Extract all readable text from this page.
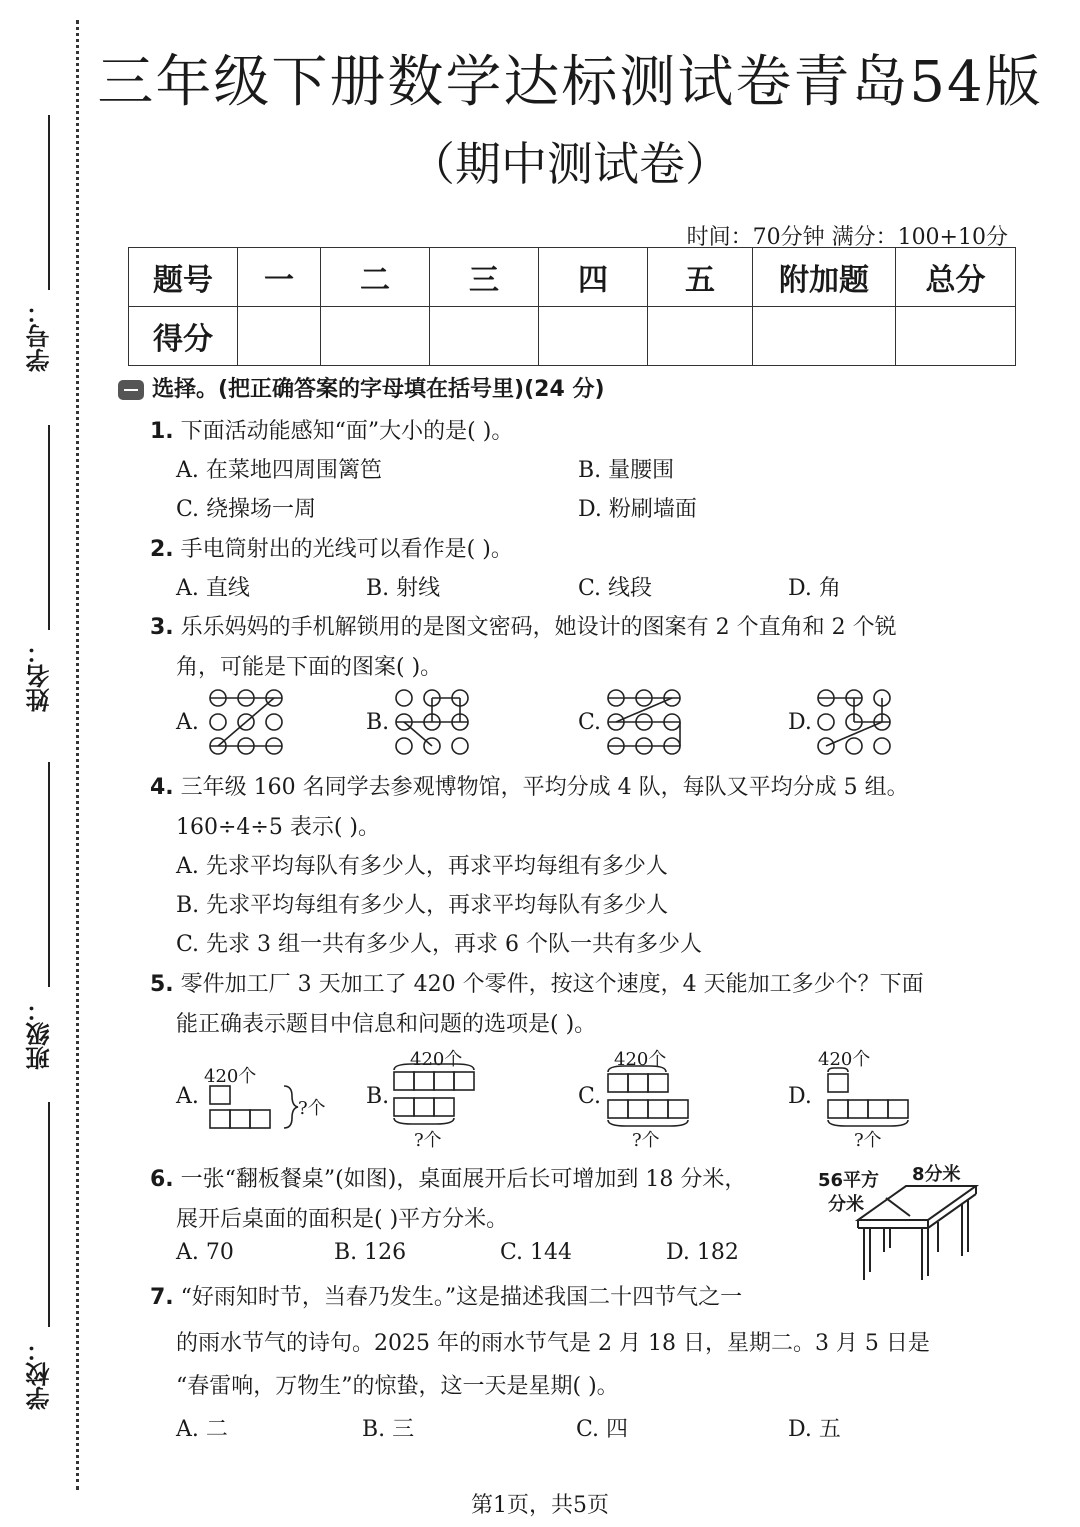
学号：
姓名：
班级：
学校：
三年级下册数学达标测试卷青岛54版
（期中测试卷）
时间：70分钟 满分：100+10分
题号	一	二	三	四	五	附加题	总分
得分							
选择。(把正确答案的字母填在括号里)(24 分)
1. 下面活动能感知“面”大小的是( )。
A. 在菜地四周围篱笆	B. 量腰围
C. 绕操场一周	D. 粉刷墙面
2. 手电筒射出的光线可以看作是( )。
A. 直线	B. 射线	C. 线段	D. 角
3. 乐乐妈妈的手机解锁用的是图文密码，她设计的图案有 2 个直角和 2 个锐
角，可能是下面的图案( )。
A.	B.	C.	D.
4. 三年级 160 名同学去参观博物馆，平均分成 4 队，每队又平均分成 5 组。
160÷4÷5 表示( )。
A. 先求平均每队有多少人，再求平均每组有多少人
B. 先求平均每组有多少人，再求平均每队有多少人
C. 先求 3 组一共有多少人，再求 6 个队一共有多少人
5. 零件加工厂 3 天加工了 420 个零件，按这个速度，4 天能加工多少个？下面
能正确表示题目中信息和问题的选项是( )。
A.	B.	C.	D.
420个
?个
420个
?个
420个
?个
420个
?个
6. 一张“翻板餐桌”(如图)，桌面展开后长可增加到 18 分米，
展开后桌面的面积是( )平方分米。
A. 70	B. 126	C. 144	D. 182
56平方
分米
8分米
7. “好雨知时节，当春乃发生。”这是描述我国二十四节气之一
的雨水节气的诗句。2025 年的雨水节气是 2 月 18 日，星期二。3 月 5 日是
“春雷响，万物生”的惊蛰，这一天是星期( )。
A. 二	B. 三	C. 四	D. 五
第1页，共5页
